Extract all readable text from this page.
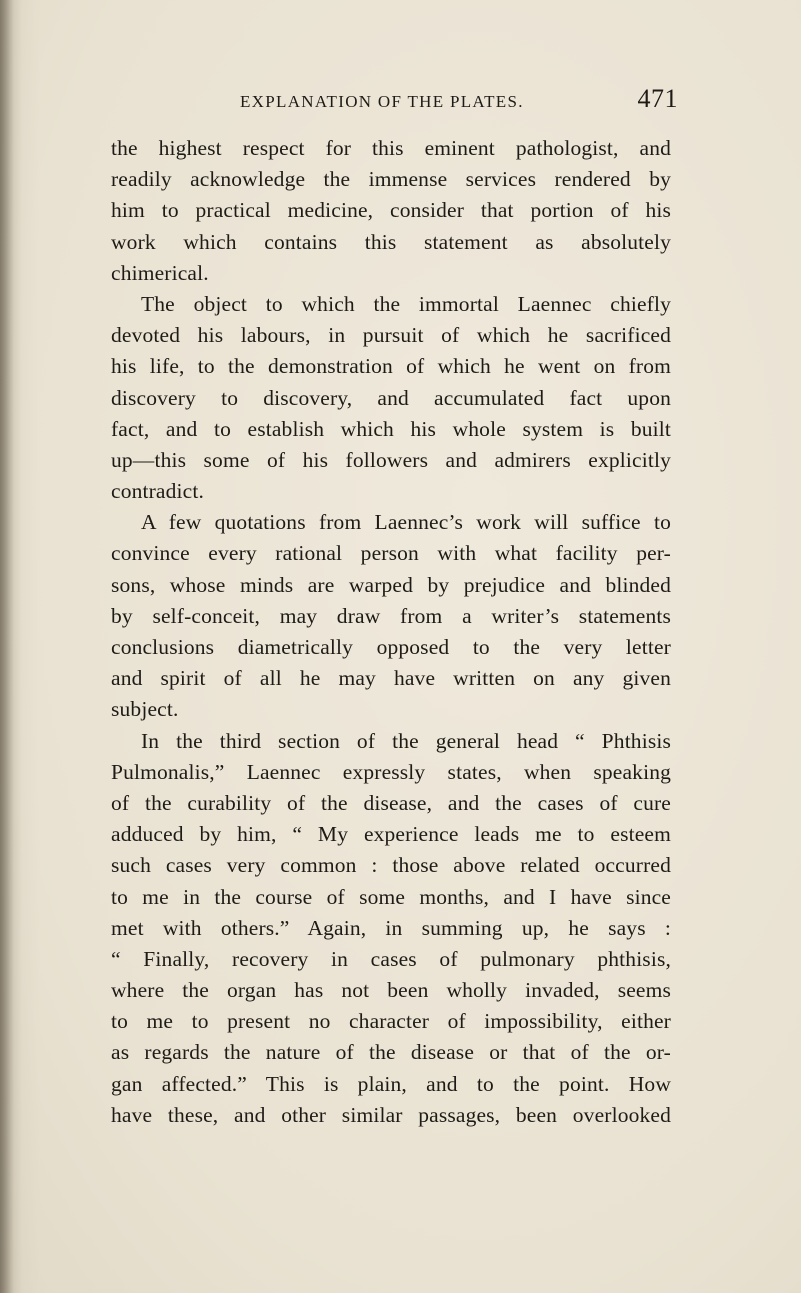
EXPLANATION OF THE PLATES.	471
the highest respect for this eminent pathologist, and
readily acknowledge the immense services rendered by
him to practical medicine, consider that portion of his
work which contains this statement as absolutely
chimerical.
The object to which the immortal Laennec chiefly
devoted his labours, in pursuit of which he sacrificed
his life, to the demonstration of which he went on from
discovery to discovery, and accumulated fact upon
fact, and to establish which his whole system is built
up—this some of his followers and admirers explicitly
contradict.
A few quotations from Laennec’s work will suffice to
convince every rational person with what facility per-
sons, whose minds are warped by prejudice and blinded
by self-conceit, may draw from a writer’s statements
conclusions diametrically opposed to the very letter
and spirit of all he may have written on any given
subject.
In the third section of the general head “ Phthisis
Pulmonalis,” Laennec expressly states, when speaking
of the curability of the disease, and the cases of cure
adduced by him, “ My experience leads me to esteem
such cases very common : those above related occurred
to me in the course of some months, and I have since
met with others.” Again, in summing up, he says :
“ Finally, recovery in cases of pulmonary phthisis,
where the organ has not been wholly invaded, seems
to me to present no character of impossibility, either
as regards the nature of the disease or that of the or-
gan affected.” This is plain, and to the point. How
have these, and other similar passages, been overlooked
